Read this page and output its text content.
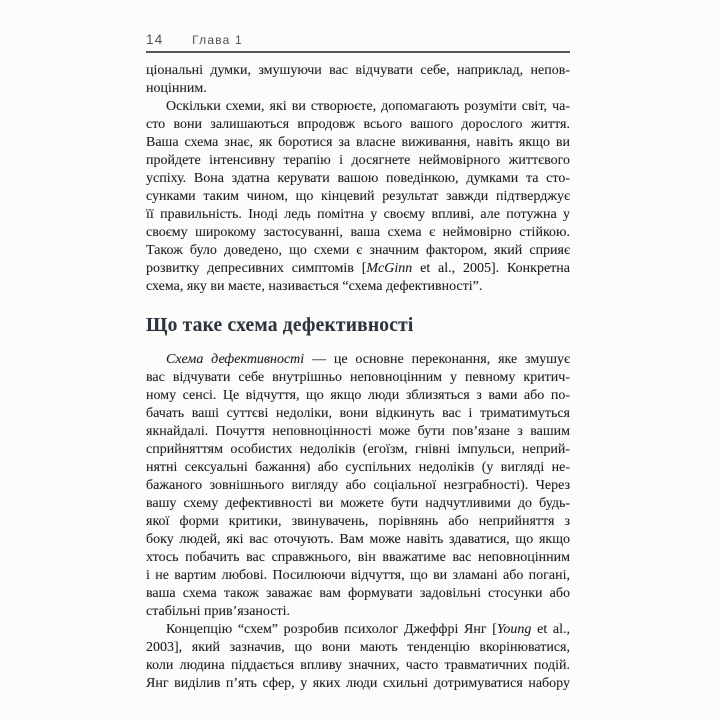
14 Глава 1
ціональні думки, змушуючи вас відчувати себе, наприклад, непов-
ноцінним.
Оскільки схеми, які ви створюєте, допомагають розуміти світ, ча-
сто вони залишаються впродовж всього вашого дорослого життя.
Ваша схема знає, як боротися за власне виживання, навіть якщо ви
пройдете інтенсивну терапію і досягнете неймовірного життєвого
успіху. Вона здатна керувати вашою поведінкою, думками та сто-
сунками таким чином, що кінцевий результат завжди підтверджує
її правильність. Іноді ледь помітна у своєму впливі, але потужна у
своєму широкому застосуванні, ваша схема є неймовірно стійкою.
Також було доведено, що схеми є значним фактором, який сприяє
розвитку депресивних симптомів [McGinn et al., 2005]. Конкретна
схема, яку ви маєте, називається “схема дефективності”.
Що таке схема дефективності
Схема дефективності — це основне переконання, яке змушує
вас відчувати себе внутрішньо неповноцінним у певному критич-
ному сенсі. Це відчуття, що якщо люди зблизяться з вами або по-
бачать ваші суттєві недоліки, вони відкинуть вас і триматимуться
якнайдалі. Почуття неповноцінності може бути пов’язане з вашим
сприйняттям особистих недоліків (егоїзм, гнівні імпульси, неприй-
нятні сексуальні бажання) або суспільних недоліків (у вигляді не-
бажаного зовнішнього вигляду або соціальної незграбності). Через
вашу схему дефективності ви можете бути надчутливими до будь-
якої форми критики, звинувачень, порівнянь або неприйняття з
боку людей, які вас оточують. Вам може навіть здаватися, що якщо
хтось побачить вас справжнього, він вважатиме вас неповноцінним
і не вартим любові. Посилюючи відчуття, що ви зламані або погані,
ваша схема також заважає вам формувати задовільні стосунки або
стабільні прив’язаності.
Концепцію “схем” розробив психолог Джеффрі Янг [Young et al.,
2003], який зазначив, що вони мають тенденцію вкорінюватися,
коли людина піддається впливу значних, часто травматичних подій.
Янг виділив п’ять сфер, у яких люди схильні дотримуватися набору
